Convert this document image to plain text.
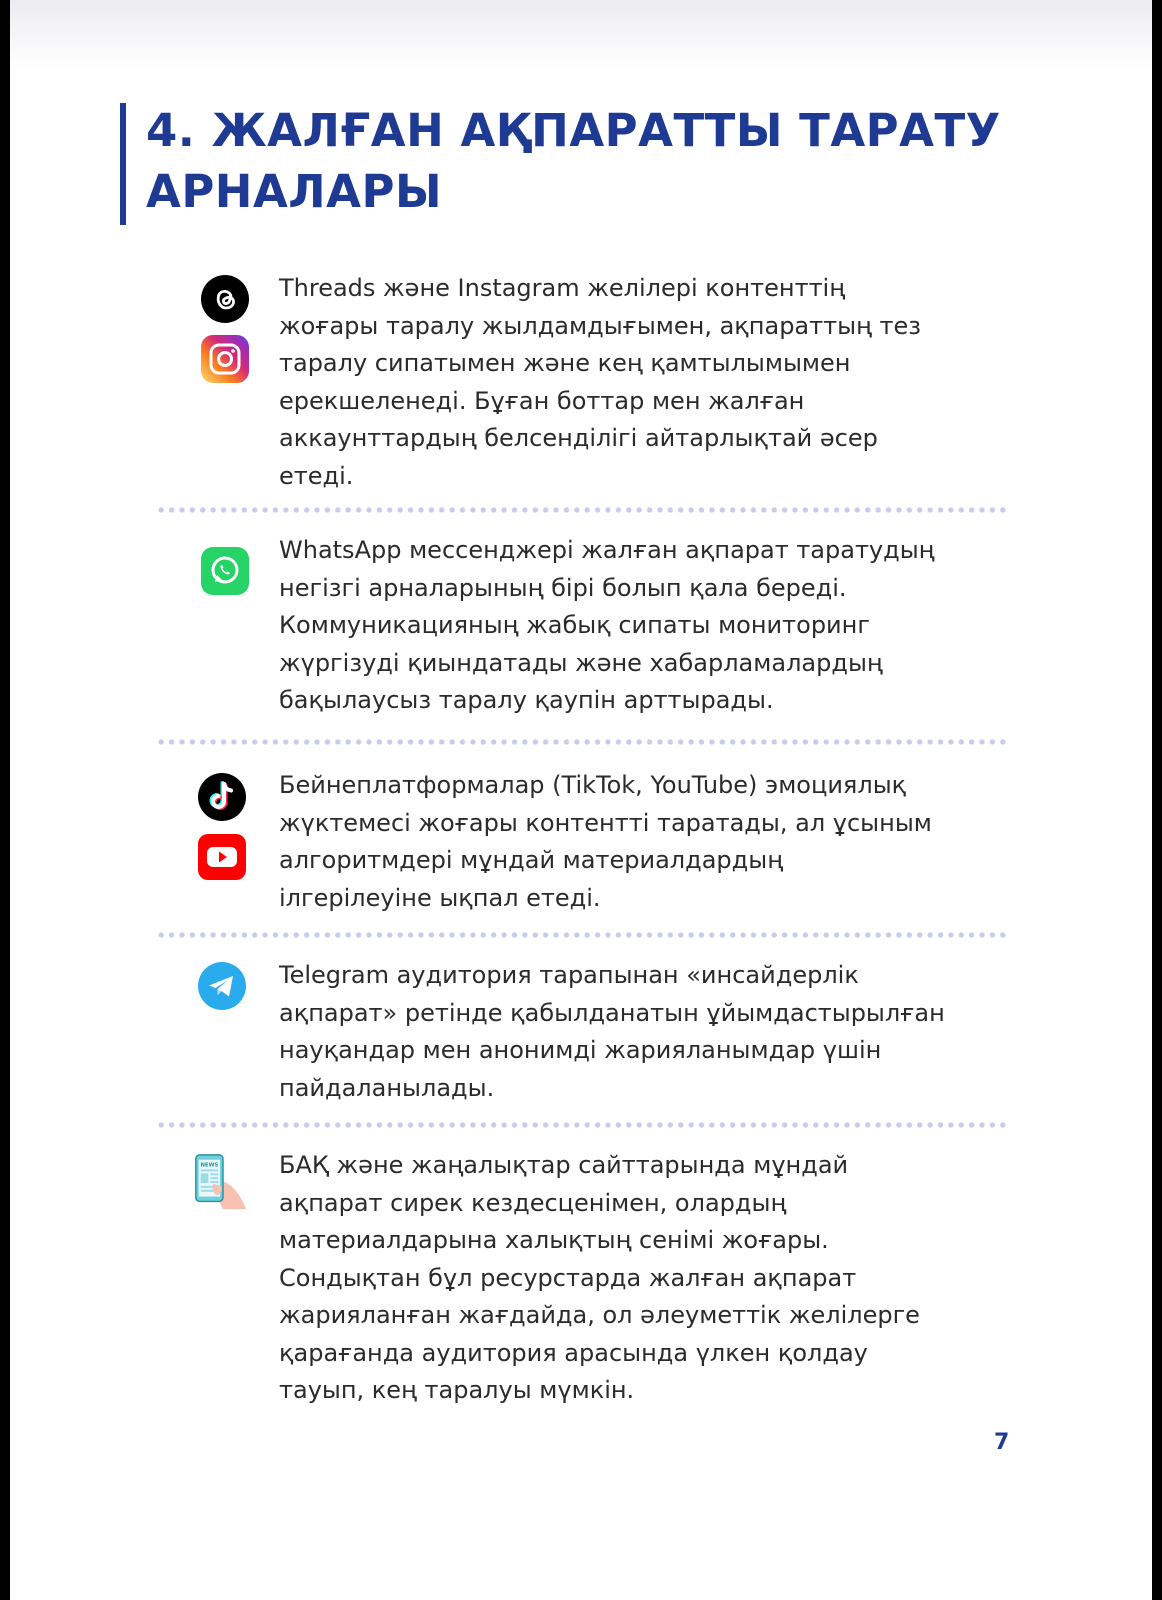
4. ЖАЛҒАН АҚПАРАТТЫ ТАРАТУ
АРНАЛАРЫ

Threads және Instagram желілері контенттің
жоғары таралу жылдамдығымен, ақпараттың тез
таралу сипатымен және кең қамтылымымен
ерекшеленеді. Бұған боттар мен жалған
аккаунттардың белсенділігі айтарлықтай әсер
етеді.

WhatsApp мессенджері жалған ақпарат таратудың
негізгі арналарының бірі болып қала береді.
Коммуникацияның жабық сипаты мониторинг
жүргізуді қиындатады және хабарламалардың
бақылаусыз таралу қаупін арттырады.

Бейнеплатформалар (TikTok, YouTube) эмоциялық
жүктемесі жоғары контентті таратады, ал ұсыным
алгоритмдері мұндай материалдардың
ілгерілеуіне ықпал етеді.

Telegram аудитория тарапынан «инсайдерлік
ақпарат» ретінде қабылданатын ұйымдастырылған
науқандар мен анонимді жарияланымдар үшін
пайдаланылады.

NEWS	БАҚ және жаңалықтар сайттарында мұндай
ақпарат сирек кездесценімен, олардың
материалдарына халықтың сенімі жоғары.
Сондықтан бұл ресурстарда жалған ақпарат
жарияланған жағдайда, ол әлеуметтік желілерге
қарағанда аудитория арасында үлкен қолдау
тауып, кең таралуы мүмкін.

7
